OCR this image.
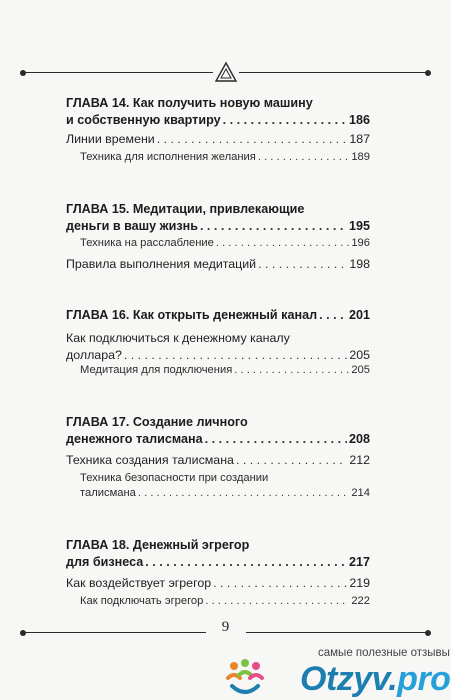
ГЛАВА 14. Как получить новую машину
и собственную квартиру . . .	186
Линии времени . . .	187
Техника для исполнения желания . . .	189
ГЛАВА 15. Медитации, привлекающие
деньги в вашу жизнь . . .	195
Техника на расслабление . . .	196
Правила выполнения медитаций . . .	198
ГЛАВА 16. Как открыть денежный канал . . .	201
Как подключиться к денежному каналу
доллара? . . .	205
Медитация для подключения . . .	205
ГЛАВА 17. Создание личного
денежного талисмана . . .	208
Техника создания талисмана . . .	212
Техника безопасности при создании
талисмана . . .	214
ГЛАВА 18. Денежный эгрегор
для бизнеса . . .	217
Как воздействует эгрегор . . .	219
Как подключать эгрегор . . .	222
9
самые полезные отзывы
Otzyv.pro
